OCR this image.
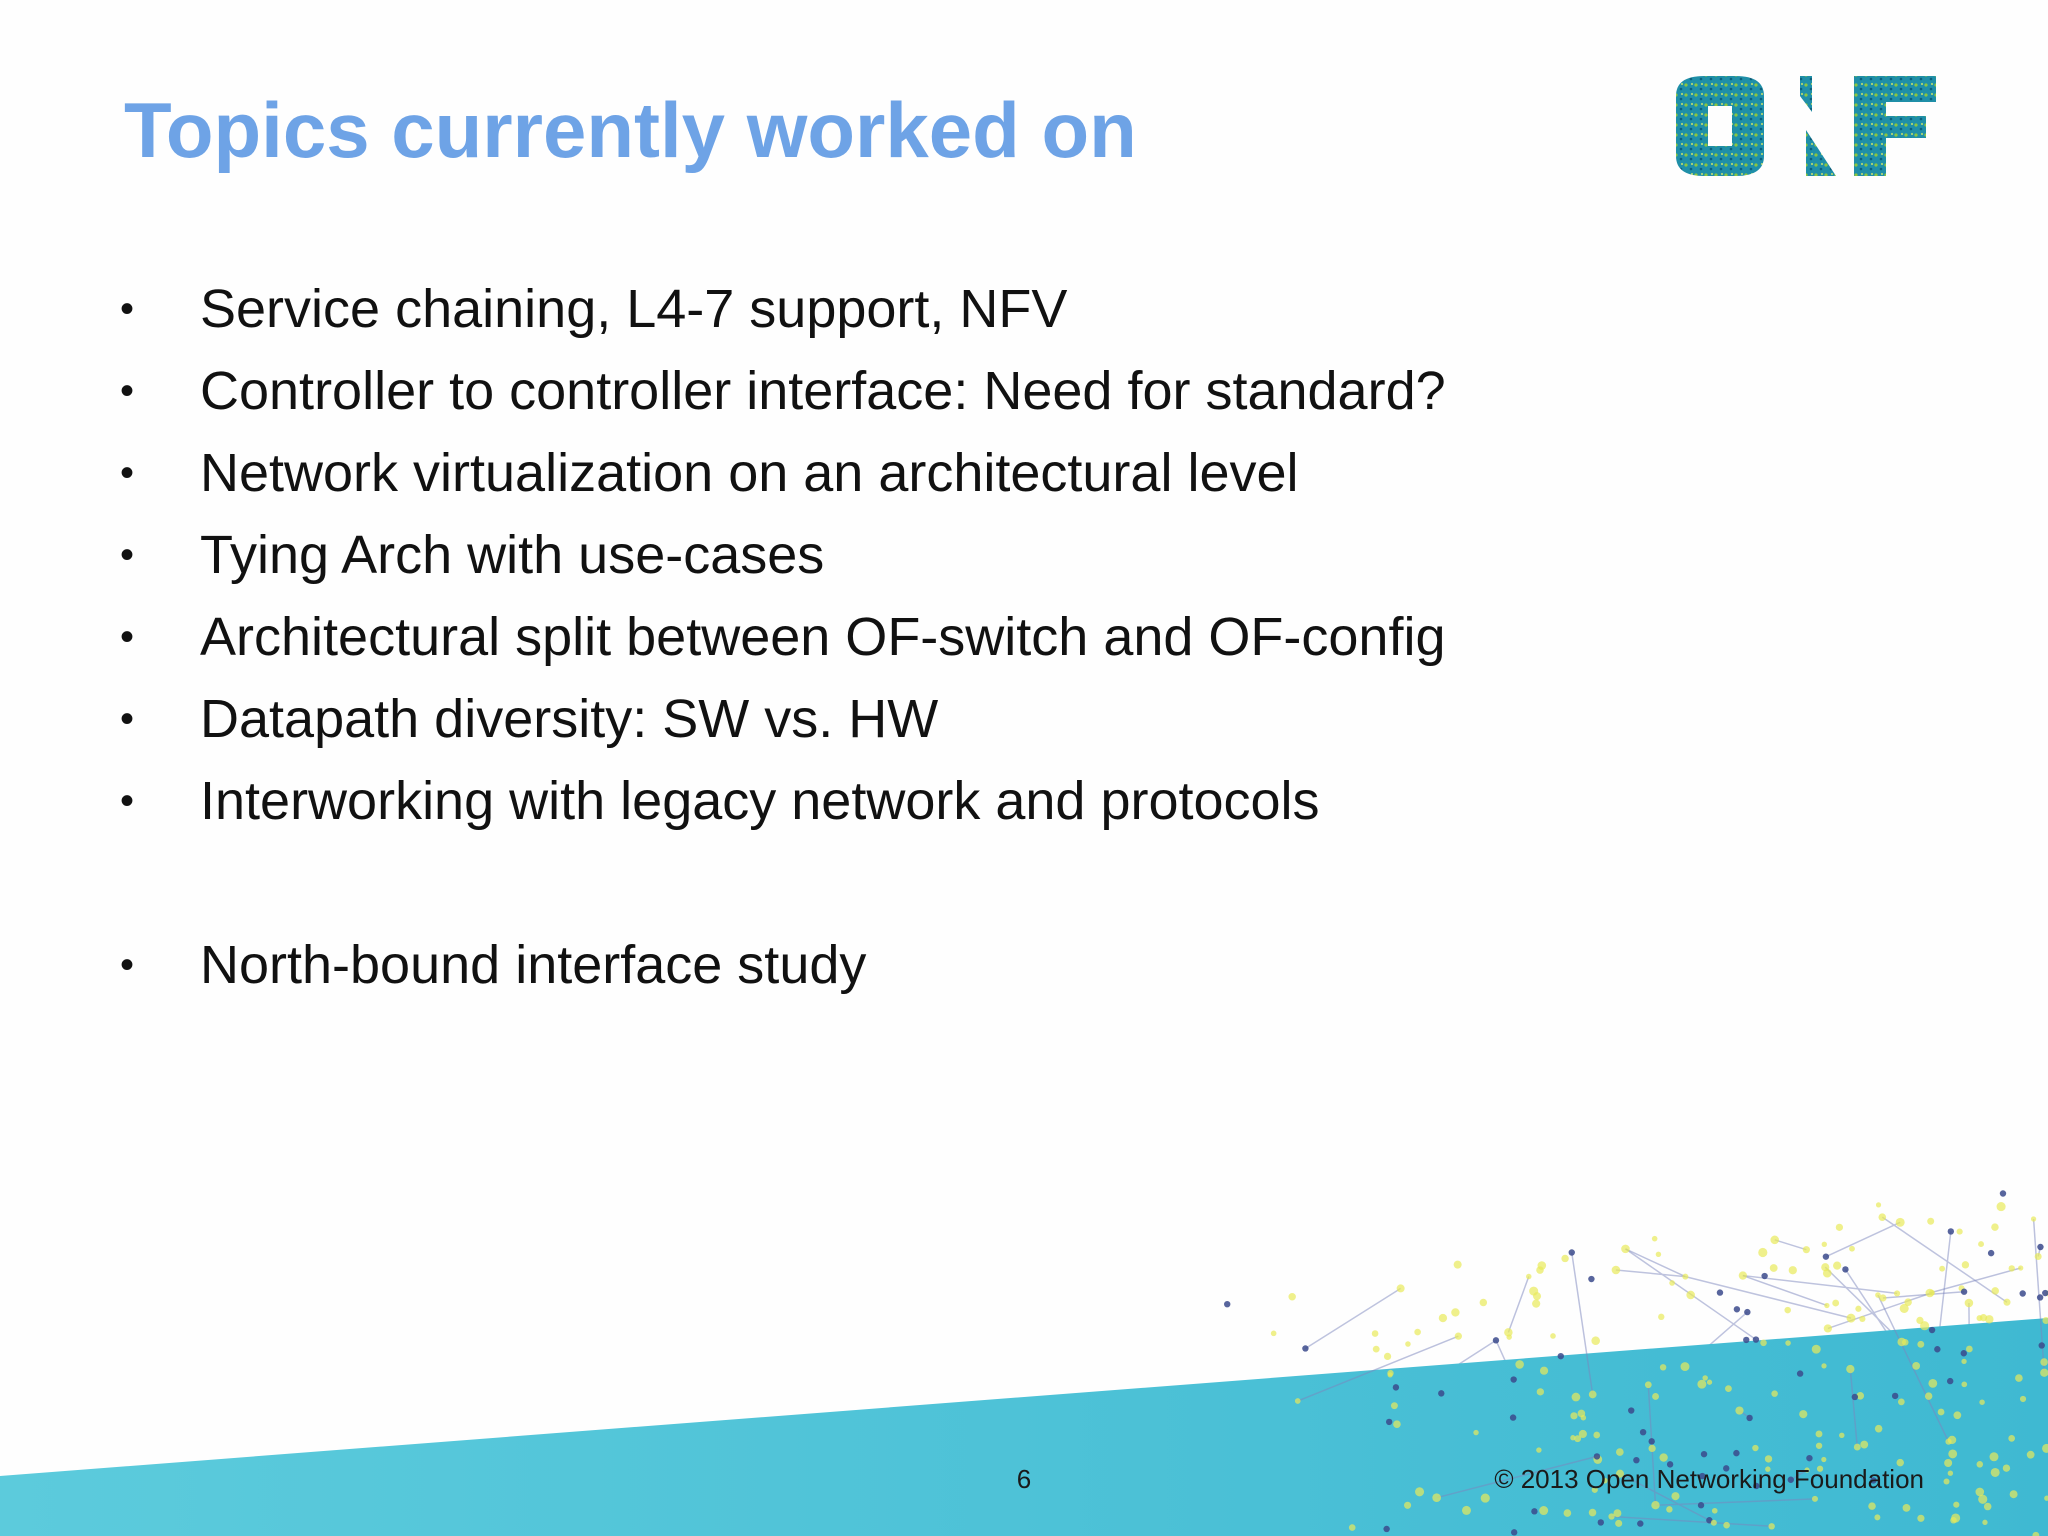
Topics currently worked on
• Service chaining, L4-7 support, NFV
• Controller to controller interface: Need for standard?
• Network virtualization on an architectural level
• Tying Arch with use-cases
• Architectural split between OF-switch and OF-config
• Datapath diversity: SW vs. HW
• Interworking with legacy network and protocols
• North-bound interface study
6	© 2013 Open Networking Foundation
